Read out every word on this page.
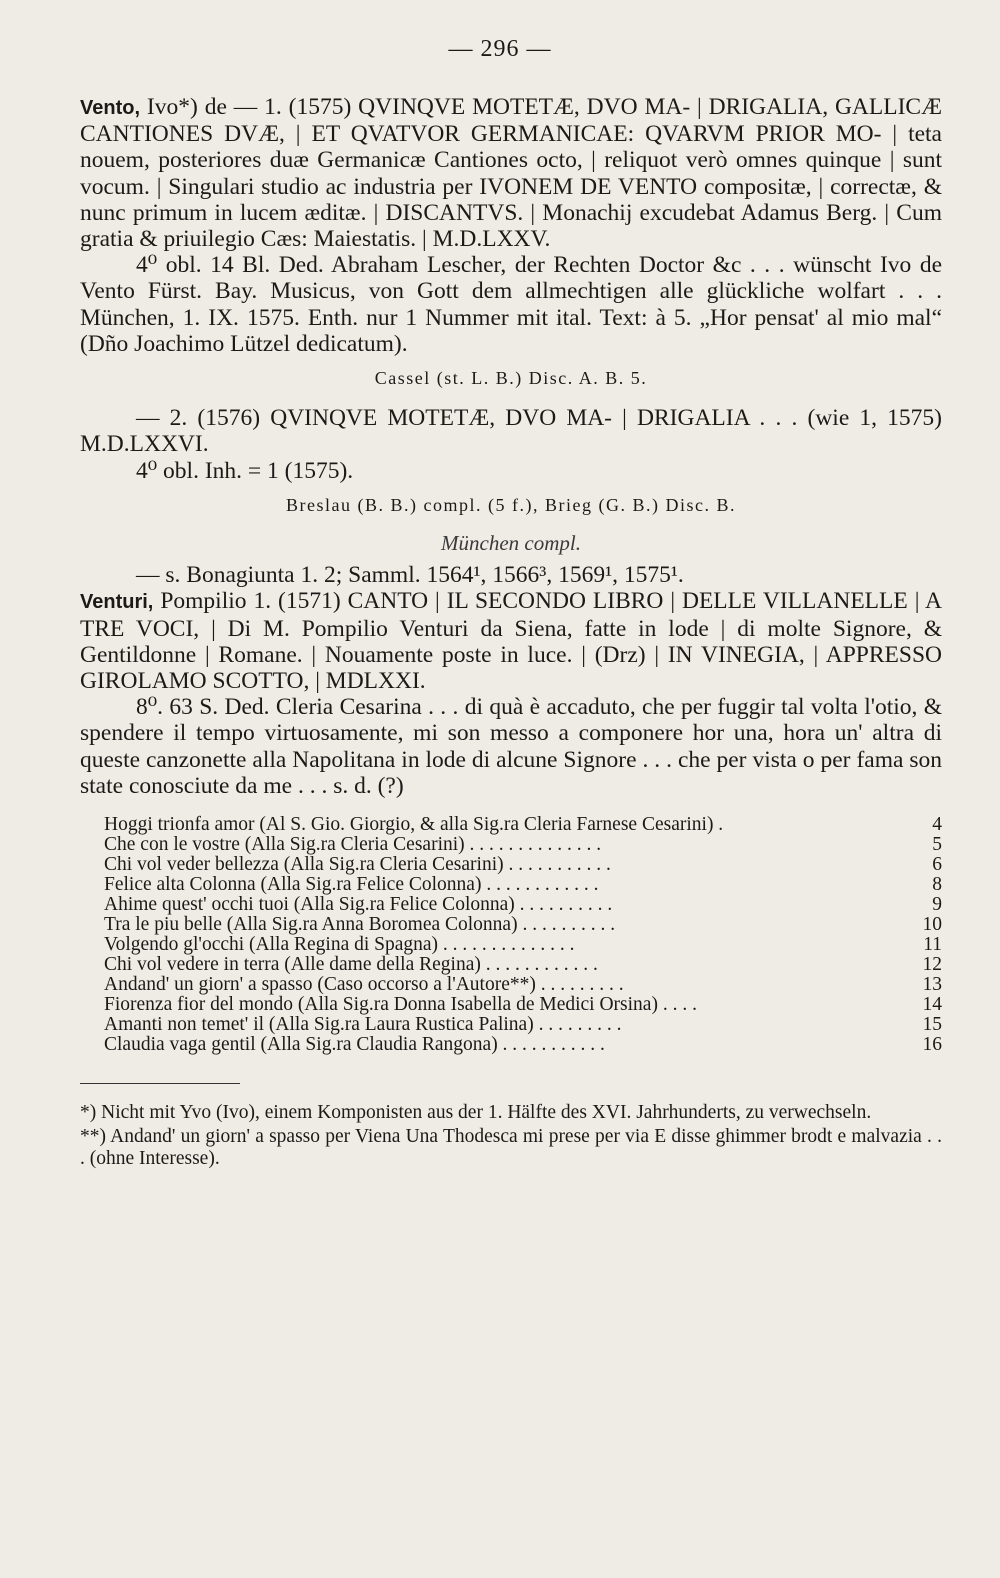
— 296 —

Vento, Ivo*) de — 1. (1575) QVINQVE MOTETÆ, DVO MA- | DRIGALIA, GALLICÆ CANTIONES DVÆ, | ET QVATVOR GERMANICAE: QVARVM PRIOR MO- | teta nouem, posteriores duæ Germanicæ Cantiones octo, | reliquot verò omnes quinque | sunt vocum. | Singulari studio ac industria per IVONEM DE VENTO compositæ, | correctæ, & nunc primum in lucem æditæ. | DISCANTVS. | Monachij excudebat Adamus Berg. | Cum gratia & priuilegio Cæs: Maiestatis. | M.D.LXXV.

4⁰ obl. 14 Bl. Ded. Abraham Lescher, der Rechten Doctor &c . . . wünscht Ivo de Vento Fürst. Bay. Musicus, von Gott dem allmechtigen alle glückliche wolfart . . . München, 1. IX. 1575. Enth. nur 1 Nummer mit ital. Text: à 5. „Hor pensat' al mio mal“ (Dño Joachimo Lützel dedicatum).

Cassel (st. L. B.) Disc. A. B. 5.

— 2. (1576) QVINQVE MOTETÆ, DVO MA- | DRIGALIA . . . (wie 1, 1575) M.D.LXXVI.

4⁰ obl. Inh. = 1 (1575).

Breslau (B. B.) compl. (5 f.), Brieg (G. B.) Disc. B.

München compl.

— s. Bonagiunta 1. 2; Samml. 1564¹, 1566³, 1569¹, 1575¹.

Venturi, Pompilio 1. (1571) CANTO | IL SECONDO LIBRO | DELLE VILLANELLE | A TRE VOCI, | Di M. Pompilio Venturi da Siena, fatte in lode | di molte Signore, & Gentildonne | Romane. | Nouamente poste in luce. | (Drz) | IN VINEGIA, | APPRESSO GIROLAMO SCOTTO, | MDLXXI.

8⁰. 63 S. Ded. Cleria Cesarina . . . di quà è accaduto, che per fuggir tal volta l'otio, & spendere il tempo virtuosamente, mi son messo a componere hor una, hora un' altra di queste canzonette alla Napolitana in lode di alcune Signore . . . che per vista o per fama son state conosciute da me . . . s. d. (?)

Hoggi trionfa amor (Al S. Gio. Giorgio, & alla Sig.ra Cleria Farnese Cesarini) .	4
Che con le vostre (Alla Sig.ra Cleria Cesarini) . . . . . . . . . . . . . .	5
Chi vol veder bellezza (Alla Sig.ra Cleria Cesarini) . . . . . . . . . . .	6
Felice alta Colonna (Alla Sig.ra Felice Colonna) . . . . . . . . . . . .	8
Ahime quest' occhi tuoi (Alla Sig.ra Felice Colonna) . . . . . . . . . .	9
Tra le piu belle (Alla Sig.ra Anna Boromea Colonna) . . . . . . . . . .	10
Volgendo gl'occhi (Alla Regina di Spagna) . . . . . . . . . . . . . .	11
Chi vol vedere in terra (Alle dame della Regina) . . . . . . . . . . . .	12
Andand' un giorn' a spasso (Caso occorso a l'Autore**) . . . . . . . . .	13
Fiorenza fior del mondo (Alla Sig.ra Donna Isabella de Medici Orsina) . . . .	14
Amanti non temet' il (Alla Sig.ra Laura Rustica Palina) . . . . . . . . .	15
Claudia vaga gentil (Alla Sig.ra Claudia Rangona) . . . . . . . . . . .	16

*) Nicht mit Yvo (Ivo), einem Komponisten aus der 1. Hälfte des XVI. Jahrhunderts, zu verwechseln.

**) Andand' un giorn' a spasso per Viena Una Thodesca mi prese per via E disse ghimmer brodt e malvazia . . . (ohne Interesse).
